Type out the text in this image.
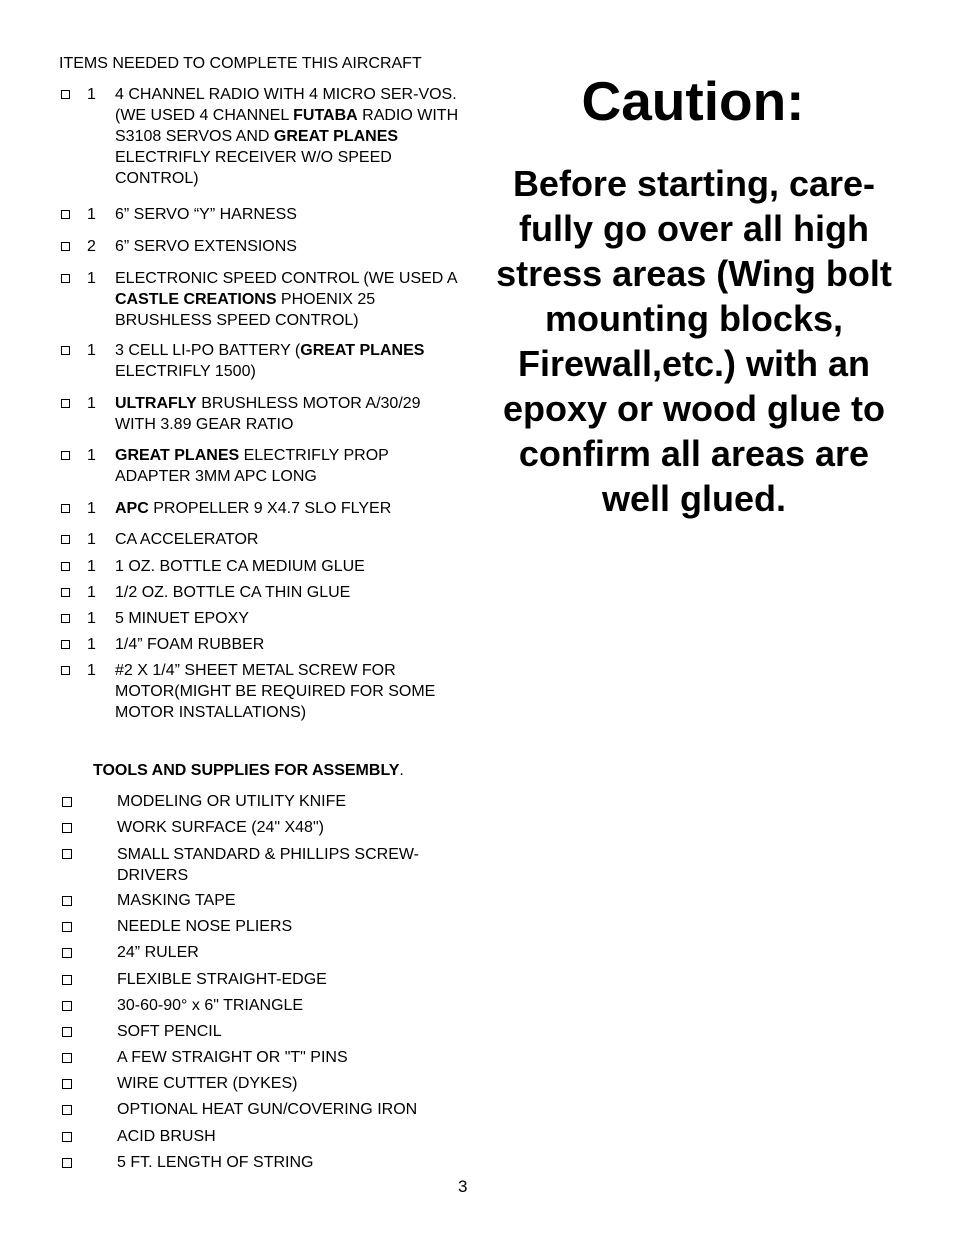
ITEMS NEEDED TO COMPLETE THIS AIRCRAFT
1 4 CHANNEL RADIO WITH 4 MICRO SER-VOS. (WE USED 4 CHANNEL FUTABA RADIO WITH S3108 SERVOS AND GREAT PLANES ELECTRIFLY RECEIVER W/O SPEED CONTROL)
1 6” SERVO “Y” HARNESS
2 6” SERVO EXTENSIONS
1 ELECTRONIC SPEED CONTROL (WE USED A CASTLE CREATIONS PHOENIX 25 BRUSHLESS SPEED CONTROL)
1 3 CELL LI-PO BATTERY (GREAT PLANES ELECTRIFLY 1500)
1 ULTRAFLY BRUSHLESS MOTOR A/30/29 WITH 3.89 GEAR RATIO
1 GREAT PLANES ELECTRIFLY PROP ADAPTER 3MM APC LONG
1 APC PROPELLER 9 X4.7 SLO FLYER
1 CA ACCELERATOR
1 1 OZ. BOTTLE CA MEDIUM GLUE
1 1/2 OZ. BOTTLE CA THIN GLUE
1 5 MINUET EPOXY
1 1/4” FOAM RUBBER
1 #2 X 1/4” SHEET METAL SCREW FOR MOTOR(MIGHT BE REQUIRED FOR SOME MOTOR INSTALLATIONS)
TOOLS AND SUPPLIES FOR ASSEMBLY.
MODELING OR UTILITY KNIFE
WORK SURFACE (24" X48")
SMALL STANDARD & PHILLIPS SCREW-DRIVERS
MASKING TAPE
NEEDLE NOSE PLIERS
24” RULER
FLEXIBLE STRAIGHT-EDGE
30-60-90° x 6" TRIANGLE
SOFT PENCIL
A FEW STRAIGHT OR "T" PINS
WIRE CUTTER (DYKES)
OPTIONAL HEAT GUN/COVERING IRON
ACID BRUSH
5 FT. LENGTH OF STRING
Caution:
Before starting, care-fully go over all high stress areas (Wing bolt mounting blocks, Firewall,etc.) with an epoxy or wood glue to confirm all areas are well glued.
3
